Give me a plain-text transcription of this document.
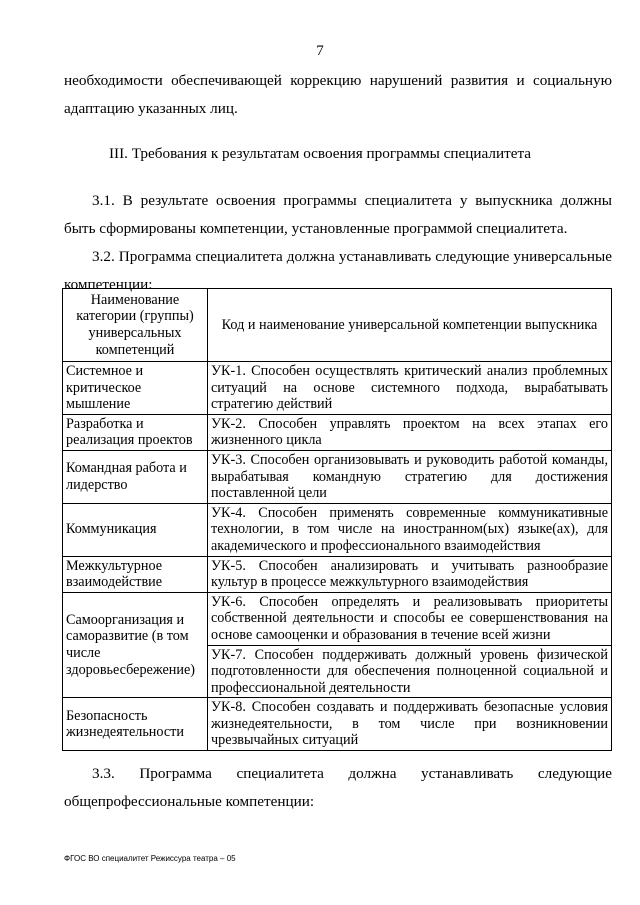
7
необходимости обеспечивающей коррекцию нарушений развития и социальную адаптацию указанных лиц.
III. Требования к результатам освоения программы специалитета
3.1. В результате освоения программы специалитета у выпускника должны быть сформированы компетенции, установленные программой специалитета.
3.2. Программа специалитета должна устанавливать следующие универсальные компетенции:
Наименование категории (группы) универсальных компетенций	Код и наименование универсальной компетенции выпускника
Системное и критическое мышление	УК-1. Способен осуществлять критический анализ проблемных ситуаций на основе системного подхода, вырабатывать стратегию действий
Разработка и реализация проектов	УК-2. Способен управлять проектом на всех этапах его жизненного цикла
Командная работа и лидерство	УК-3. Способен организовывать и руководить работой команды, вырабатывая командную стратегию для достижения поставленной цели
Коммуникация	УК-4. Способен применять современные коммуникативные технологии, в том числе на иностранном(ых) языке(ах), для академического и профессионального взаимодействия
Межкультурное взаимодействие	УК-5. Способен анализировать и учитывать разнообразие культур в процессе межкультурного взаимодействия
Самоорганизация и саморазвитие (в том числе здоровьесбережение)	УК-6. Способен определять и реализовывать приоритеты собственной деятельности и способы ее совершенствования на основе самооценки и образования в течение всей жизни
	УК-7. Способен поддерживать должный уровень физической подготовленности для обеспечения полноценной социальной и профессиональной деятельности
Безопасность жизнедеятельности	УК-8. Способен создавать и поддерживать безопасные условия жизнедеятельности, в том числе при возникновении чрезвычайных ситуаций
3.3. Программа специалитета должна устанавливать следующие
общепрофессиональные компетенции:
ФГОС ВО специалитет Режиссура театра – 05
